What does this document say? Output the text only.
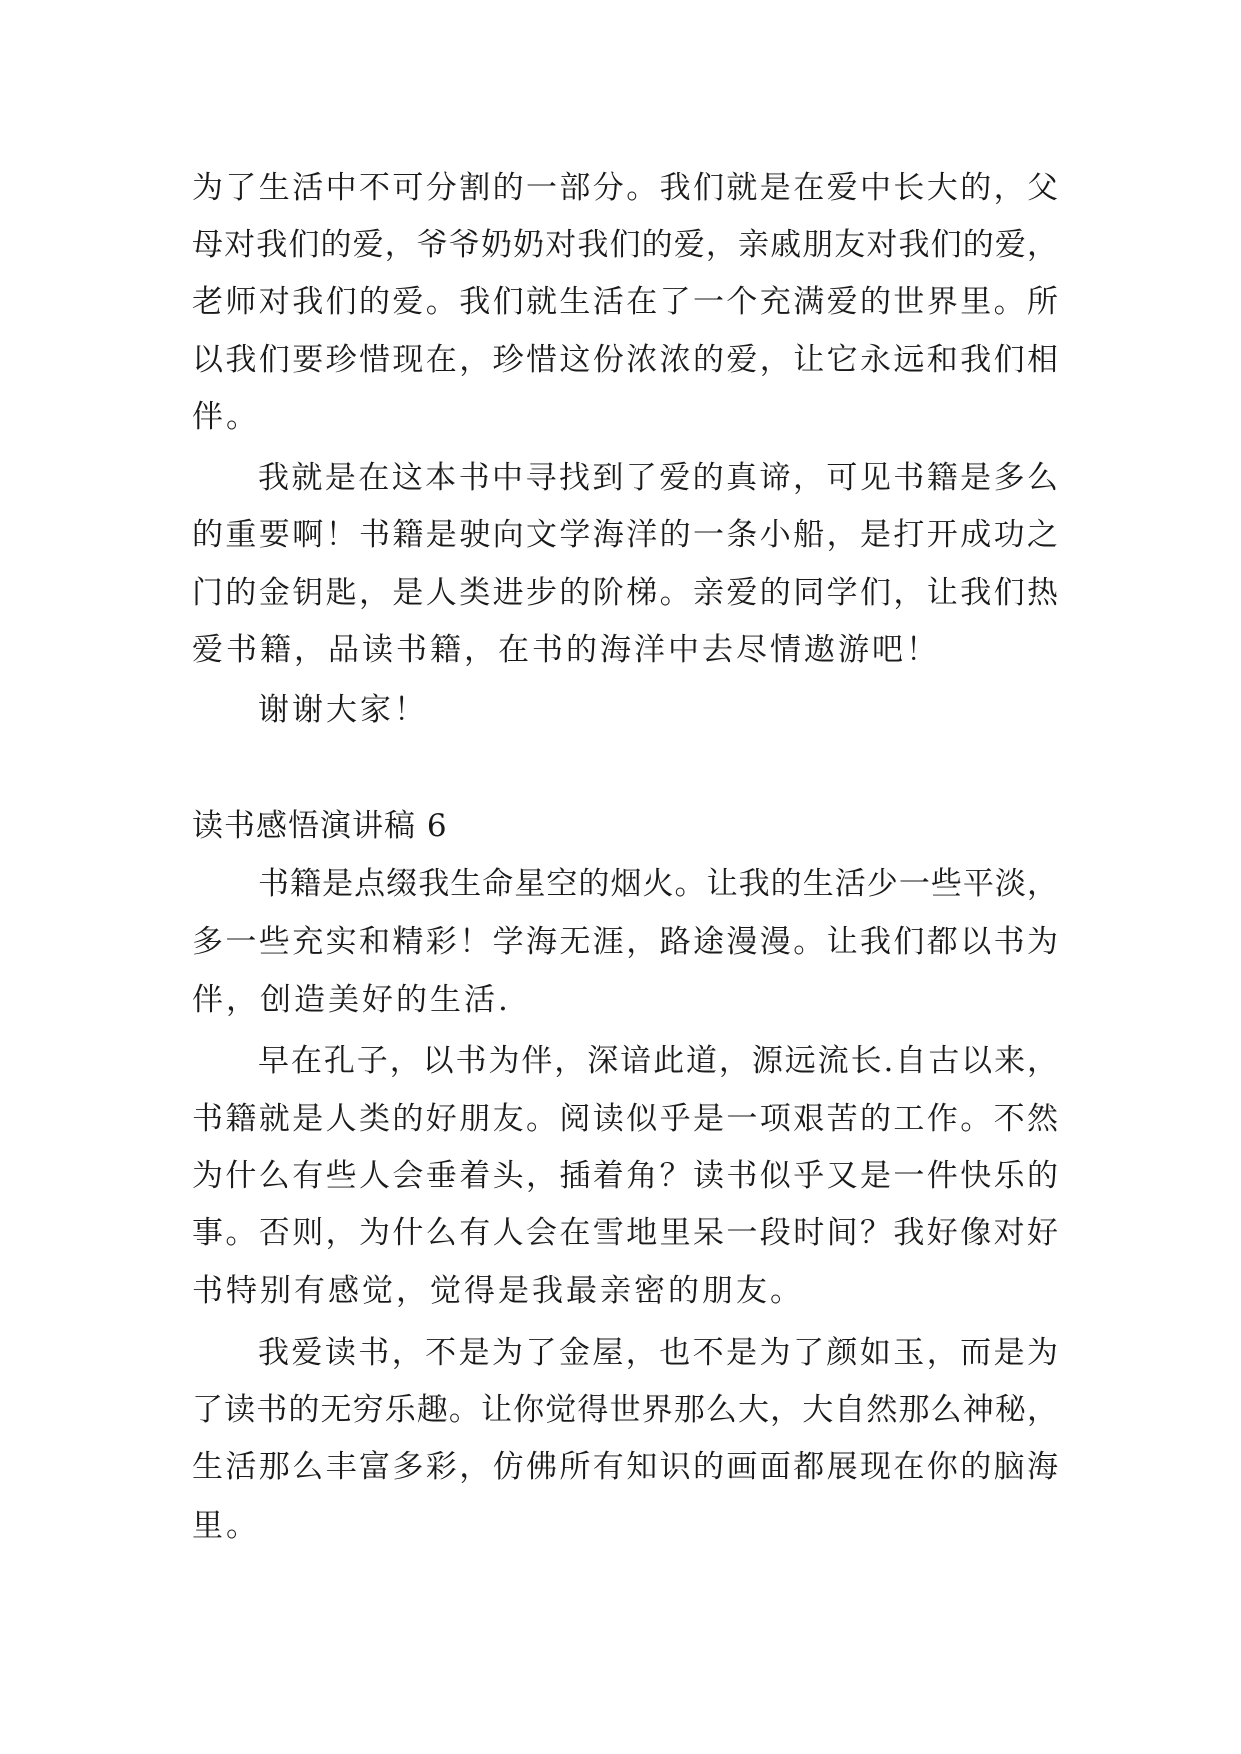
为了生活中不可分割的一部分。我们就是在爱中长大的，父
母对我们的爱，爷爷奶奶对我们的爱，亲戚朋友对我们的爱，
老师对我们的爱。我们就生活在了一个充满爱的世界里。所
以我们要珍惜现在，珍惜这份浓浓的爱，让它永远和我们相
伴。
我就是在这本书中寻找到了爱的真谛，可见书籍是多么
的重要啊！书籍是驶向文学海洋的一条小船，是打开成功之
门的金钥匙，是人类进步的阶梯。亲爱的同学们，让我们热
爱书籍，品读书籍，在书的海洋中去尽情遨游吧！
谢谢大家！
读书感悟演讲稿 6
书籍是点缀我生命星空的烟火。让我的生活少一些平淡，
多一些充实和精彩！学海无涯，路途漫漫。让我们都以书为
伴，创造美好的生活.
早在孔子，以书为伴，深谙此道，源远流长.自古以来，
书籍就是人类的好朋友。阅读似乎是一项艰苦的工作。不然
为什么有些人会垂着头，插着角？读书似乎又是一件快乐的
事。否则，为什么有人会在雪地里呆一段时间？我好像对好
书特别有感觉，觉得是我最亲密的朋友。
我爱读书，不是为了金屋，也不是为了颜如玉，而是为
了读书的无穷乐趣。让你觉得世界那么大，大自然那么神秘，
生活那么丰富多彩，仿佛所有知识的画面都展现在你的脑海
里。
